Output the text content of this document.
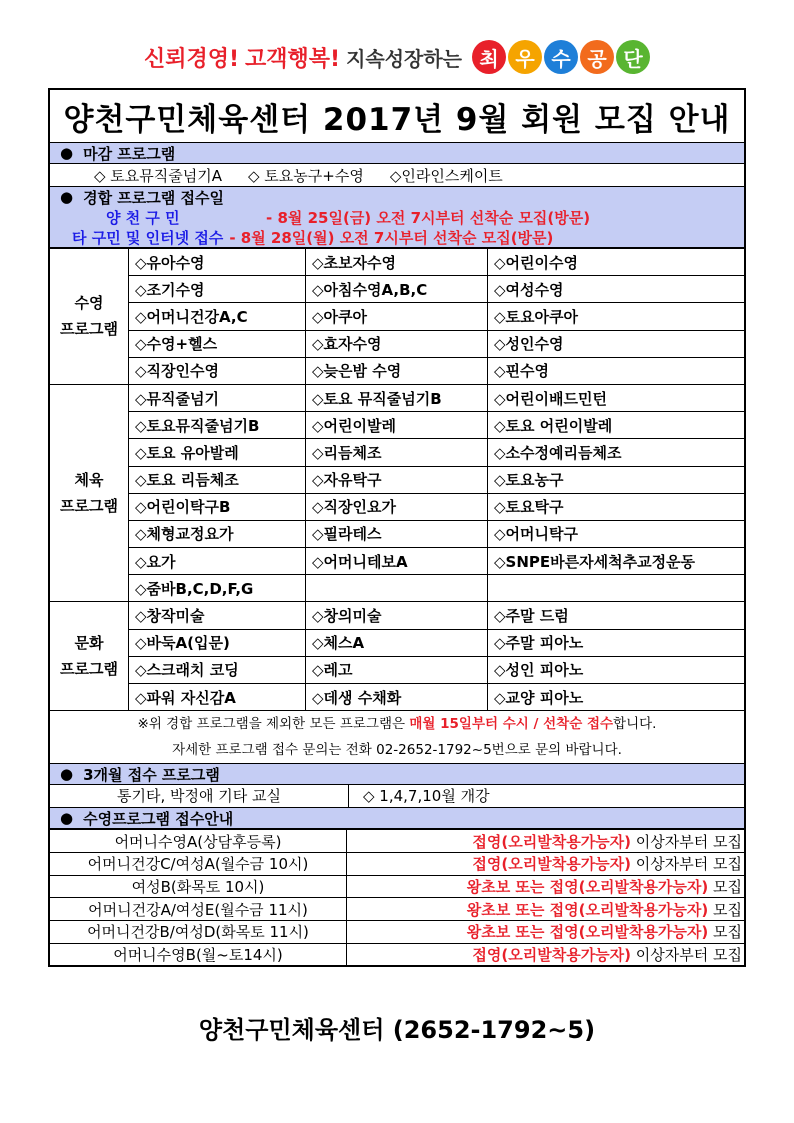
신뢰경영! 고객행복! 지속성장하는 최 우 수 공 단
양천구민체육센터 2017년 9월 회원 모집 안내
● 마감 프로그램
◇ 토요뮤직줄넘기A ◇ 토요농구+수영 ◇인라인스케이트
● 경합 프로그램 접수일
양 천 구 민	- 8월 25일(금) 오전 7시부터 선착순 모집(방문)
타 구민 및 인터넷 접수 - 8월 28일(월) 오전 7시부터 선착순 모집(방문)
수영
프로그램	◇유아수영	◇초보자수영	◇어린이수영
	◇조기수영	◇아침수영A,B,C	◇여성수영
	◇어머니건강A,C	◇아쿠아	◇토요아쿠아
	◇수영+헬스	◇효자수영	◇성인수영
	◇직장인수영	◇늦은밤 수영	◇핀수영

체육
프로그램	◇뮤직줄넘기	◇토요 뮤직줄넘기B	◇어린이배드민턴
	◇토요뮤직줄넘기B	◇어린이발레	◇토요 어린이발레
	◇토요 유아발레	◇리듬체조	◇소수정예리듬체조
	◇토요 리듬체조	◇자유탁구	◇토요농구
	◇어린이탁구B	◇직장인요가	◇토요탁구
	◇체형교정요가	◇필라테스	◇어머니탁구
	◇요가	◇어머니테보A	◇SNPE바른자세척추교정운동
	◇줌바B,C,D,F,G		

문화
프로그램	◇창작미술	◇창의미술	◇주말 드럼
	◇바둑A(입문)	◇체스A	◇주말 피아노
	◇스크래치 코딩	◇레고	◇성인 피아노
	◇파워 자신감A	◇데생 수채화	◇교양 피아노
※위 경합 프로그램을 제외한 모든 프로그램은 매월 15일부터 수시 / 선착순 접수합니다.
자세한 프로그램 접수 문의는 전화 02-2652-1792~5번으로 문의 바랍니다.
● 3개월 접수 프로그램
통기타, 박정애 기타 교실	◇ 1,4,7,10월 개강
● 수영프로그램 접수안내
어머니수영A(상담후등록)	접영(오리발착용가능자) 이상자부터 모집
어머니건강C/여성A(월수금 10시)	접영(오리발착용가능자) 이상자부터 모집
여성B(화목토 10시)	왕초보 또는 접영(오리발착용가능자) 모집
어머니건강A/여성E(월수금 11시)	왕초보 또는 접영(오리발착용가능자) 모집
어머니건강B/여성D(화목토 11시)	왕초보 또는 접영(오리발착용가능자) 모집
어머니수영B(월~토14시)	접영(오리발착용가능자) 이상자부터 모집
양천구민체육센터 (2652-1792~5)
